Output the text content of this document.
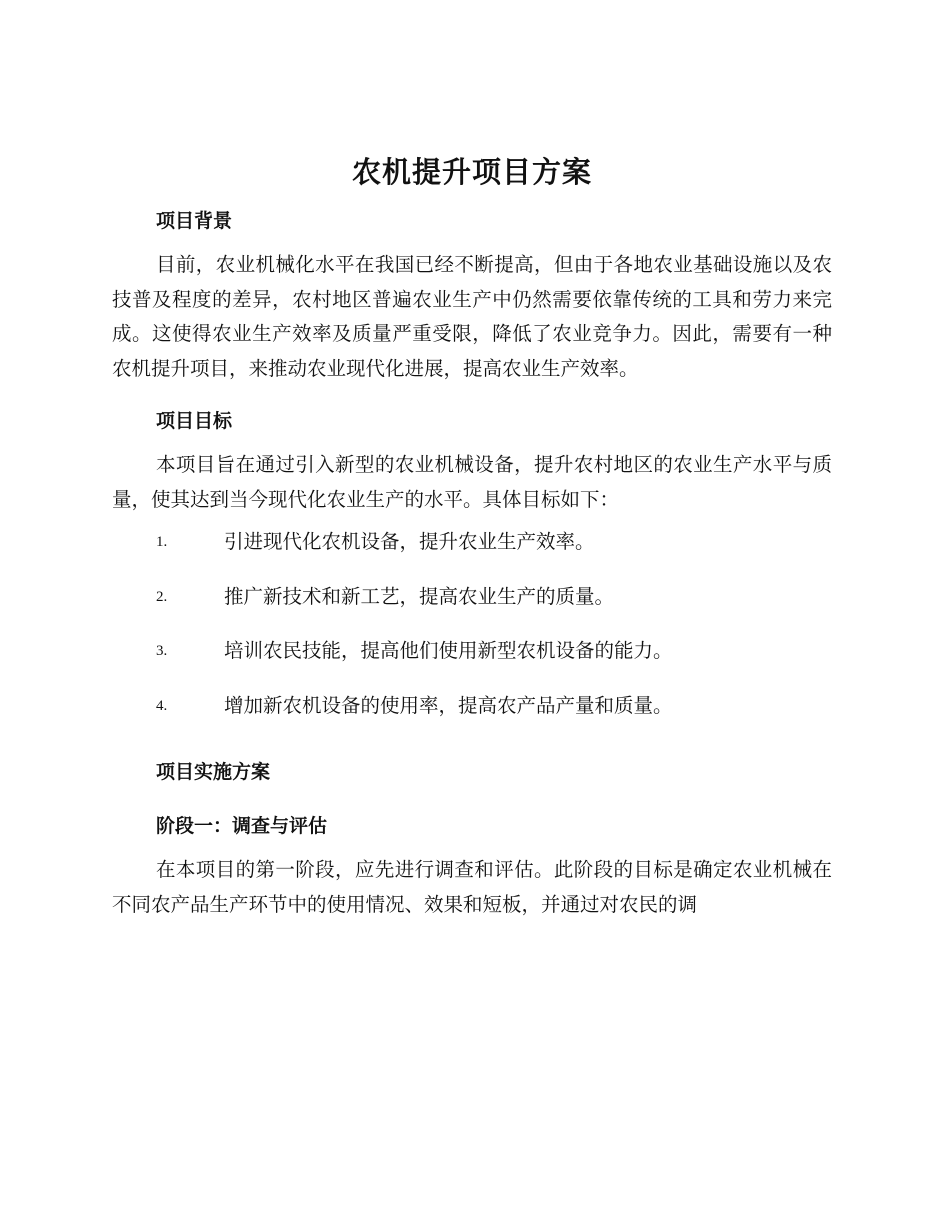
农机提升项目方案
项目背景

目前，农业机械化水平在我国已经不断提高，但由于各地农业基础设施以及农技普及程度的差异，农村地区普遍农业生产中仍然需要依靠传统的工具和劳力来完成。这使得农业生产效率及质量严重受限，降低了农业竞争力。因此，需要有一种农机提升项目，来推动农业现代化进展，提高农业生产效率。

项目目标

本项目旨在通过引入新型的农业机械设备，提升农村地区的农业生产水平与质量，使其达到当今现代化农业生产的水平。具体目标如下：

1.	引进现代化农机设备，提升农业生产效率。
2.	推广新技术和新工艺，提高农业生产的质量。
3.	培训农民技能，提高他们使用新型农机设备的能力。
4.	增加新农机设备的使用率，提高农产品产量和质量。
项目实施方案
阶段一：调查与评估

在本项目的第一阶段，应先进行调查和评估。此阶段的目标是确定农业机械在不同农产品生产环节中的使用情况、效果和短板，并通过对农民的调
